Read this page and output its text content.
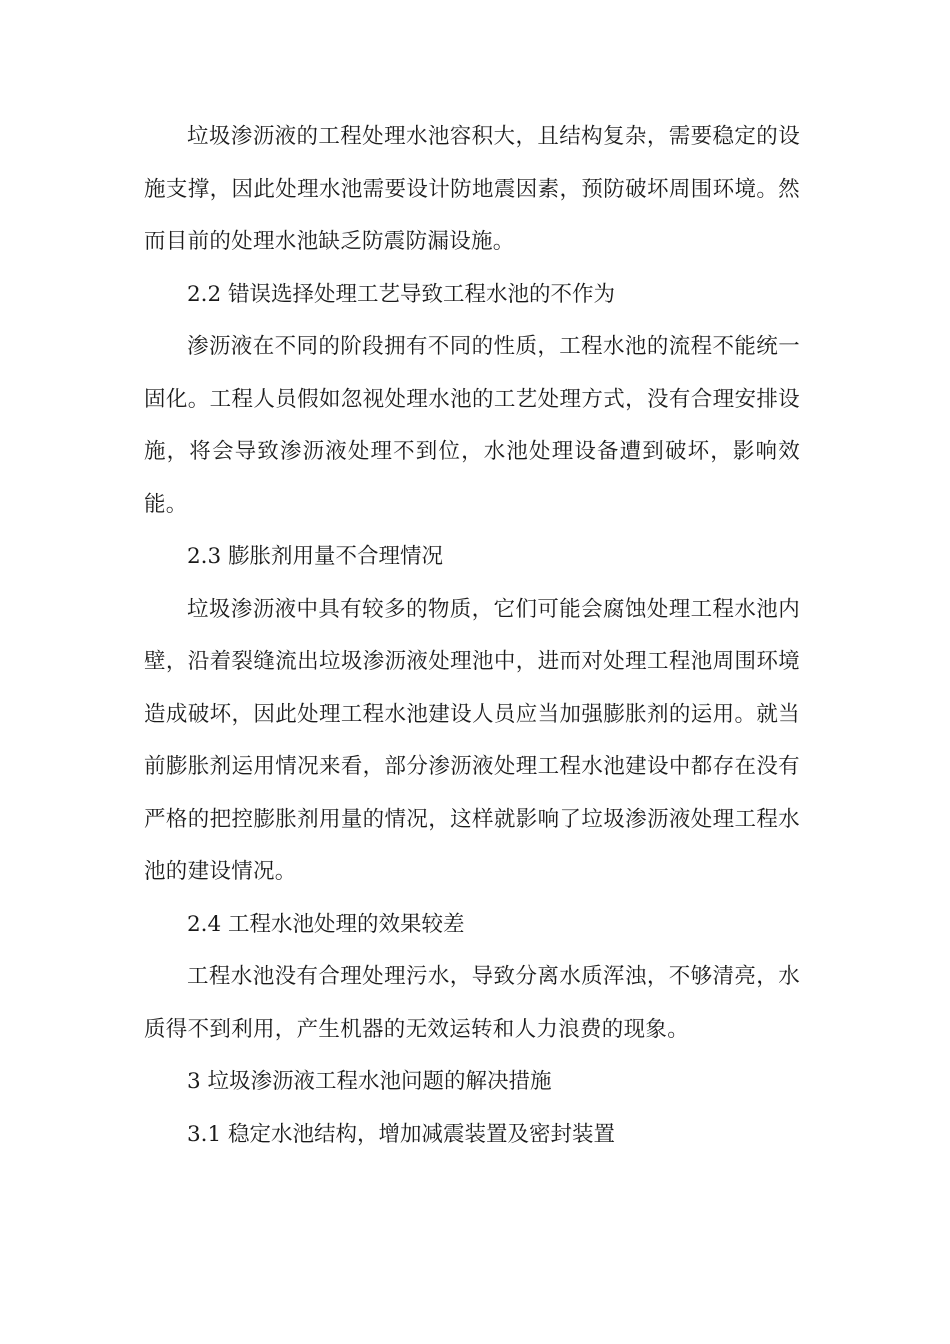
垃圾渗沥液的工程处理水池容积大，且结构复杂，需要稳定的设施支撑，因此处理水池需要设计防地震因素，预防破坏周围环境。然而目前的处理水池缺乏防震防漏设施。

2.2 错误选择处理工艺导致工程水池的不作为

渗沥液在不同的阶段拥有不同的性质，工程水池的流程不能统一固化。工程人员假如忽视处理水池的工艺处理方式，没有合理安排设施，将会导致渗沥液处理不到位，水池处理设备遭到破坏，影响效能。

2.3 膨胀剂用量不合理情况

垃圾渗沥液中具有较多的物质，它们可能会腐蚀处理工程水池内壁，沿着裂缝流出垃圾渗沥液处理池中，进而对处理工程池周围环境造成破坏，因此处理工程水池建设人员应当加强膨胀剂的运用。就当前膨胀剂运用情况来看，部分渗沥液处理工程水池建设中都存在没有严格的把控膨胀剂用量的情况，这样就影响了垃圾渗沥液处理工程水池的建设情况。

2.4 工程水池处理的效果较差

工程水池没有合理处理污水，导致分离水质浑浊，不够清亮，水质得不到利用，产生机器的无效运转和人力浪费的现象。

3 垃圾渗沥液工程水池问题的解决措施
3.1 稳定水池结构，增加减震装置及密封装置
